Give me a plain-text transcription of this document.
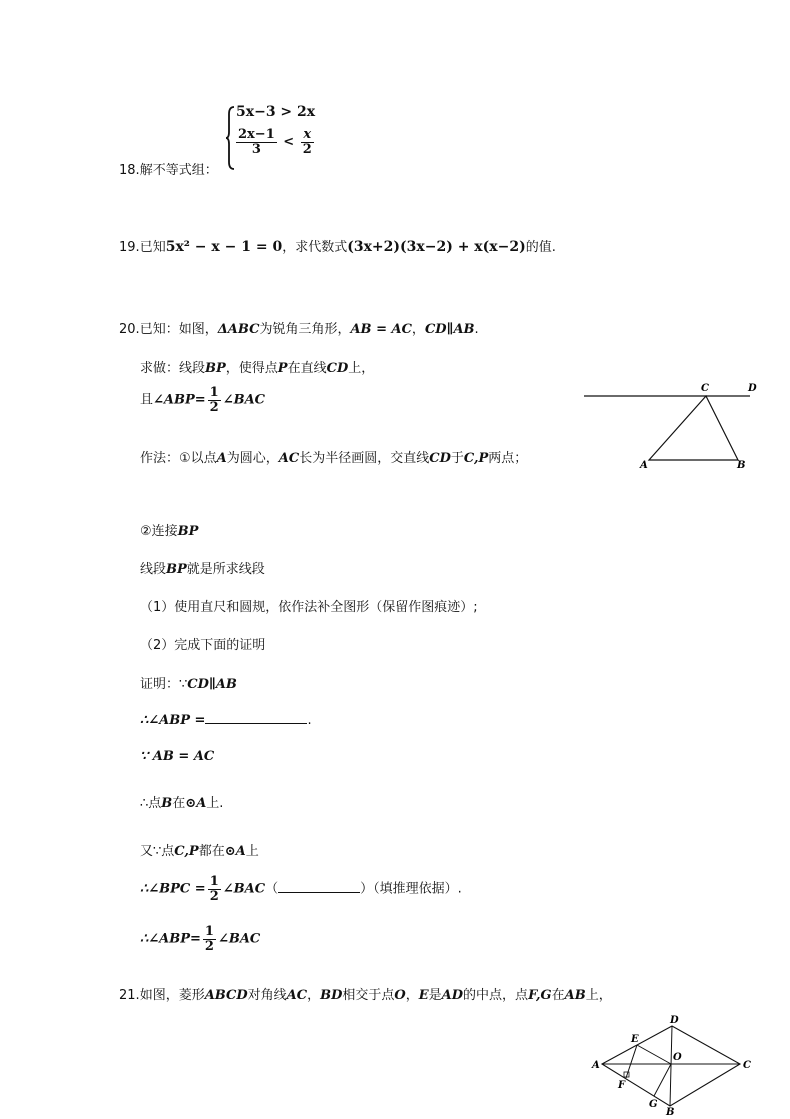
5x−3 > 2x
$\frac{2x-1}{3} < \frac{x}{2}$
18.解不等式组：
19.已知5x² − x − 1 = 0，求代数式(3x+2)(3x−2) + x(x−2)的值.
20.已知：如图，ΔABC为锐角三角形，AB = AC，CD∥AB.
求做：线段BP，使得点P在直线CD上，
且∠ABP= $\frac{1}{2}$ ∠BAC
作法：①以点A为圆心，AC长为半径画圆，交直线CD于C,P两点；
C	D
A	B
②连接BP
线段BP就是所求线段
（1）使用直尺和圆规，依作法补全图形（保留作图痕迹）;
（2）完成下面的证明
证明：∵CD∥AB
∴∠ABP =	.
∵ AB = AC
∴点B在⊙A上.
又∵点C,P都在⊙A上
∴∠BPC = $\frac{1}{2}$ ∠BAC（	）（填推理依据）.
∴∠ABP= $\frac{1}{2}$ ∠BAC
21.如图，菱形ABCD对角线AC，BD相交于点O，E是AD的中点，点F,G在AB上，
A
D
C
B
E
O
F
G
